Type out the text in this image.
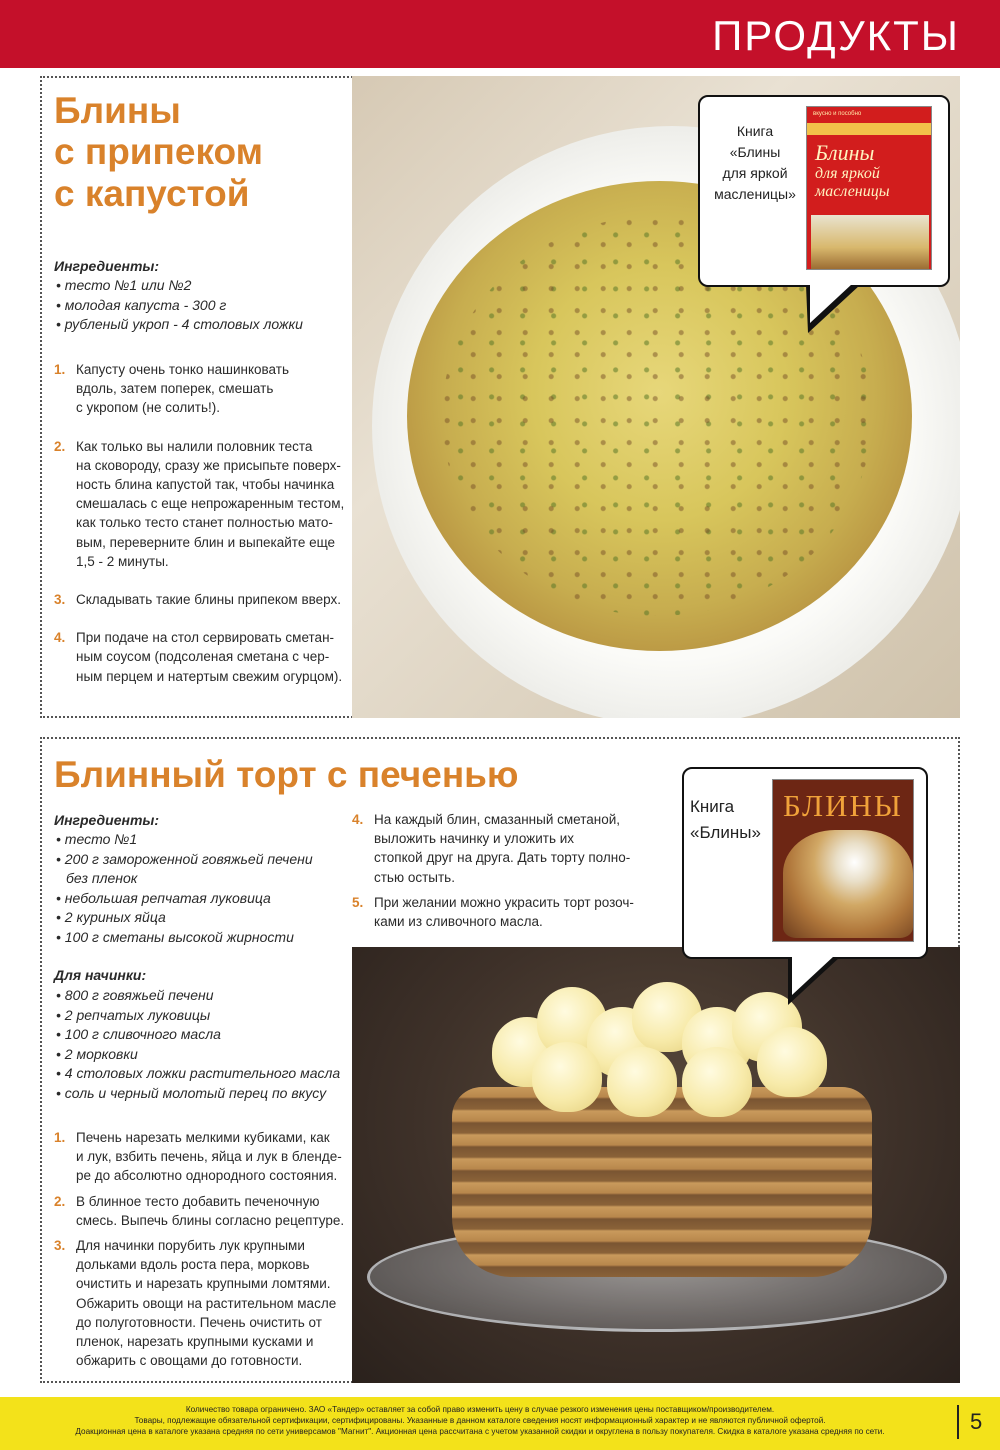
ПРОДУКТЫ
Блины
с припеком
с капустой
Ингредиенты:
• тесто №1 или №2
• молодая капуста - 300 г
• рубленый укроп - 4 столовых ложки
1. Капусту очень тонко нашинковать
вдоль, затем поперек, смешать
с укропом (не солить!).
2. Как только вы налили половник теста
на сковороду, сразу же присыпьте поверх-
ность блина капустой так, чтобы начинка
смешалась с еще непрожаренным тестом,
как только тесто станет полностью мато-
вым, переверните блин и выпекайте еще
1,5 - 2 минуты.
3. Складывать такие блины припеком вверх.
4. При подаче на стол сервировать сметан-
ным соусом (подсоленая сметана с чер-
ным перцем и натертым свежим огурцом).
Книга
«Блины
для яркой
масленицы»
вкусно и пособно
Блины
для яркой
масленицы
Блинный торт с печенью
Ингредиенты:
• тесто №1
• 200 г замороженной говяжьей печени без пленок
• небольшая репчатая луковица
• 2 куриных яйца
• 100 г сметаны высокой жирности
Для начинки:
• 800 г говяжьей печени
• 2 репчатых луковицы
• 100 г сливочного масла
• 2 морковки
• 4 столовых ложки растительного масла
• соль и черный молотый перец по вкусу
1. Печень нарезать мелкими кубиками, как
и лук, взбить печень, яйца и лук в бленде-
ре до абсолютно однородного состояния.
2. В блинное тесто добавить печеночную
смесь. Выпечь блины согласно рецептуре.
3. Для начинки порубить лук крупными
дольками вдоль роста пера, морковь
очистить и нарезать крупными ломтями.
Обжарить овощи на растительном масле
до полуготовности. Печень очистить от
пленок, нарезать крупными кусками и
обжарить с овощами до готовности.
4. На каждый блин, смазанный сметаной,
выложить начинку и уложить их
стопкой друг на друга. Дать торту полно-
стью остыть.
5. При желании можно украсить торт розоч-
ками из сливочного масла.
Книга
«Блины»
БЛИНЫ
Количество товара ограничено. ЗАО «Тандер» оставляет за собой право изменить цену в случае резкого изменения цены поставщиком/производителем.
Товары, подлежащие обязательной сертификации, сертифицированы. Указанные в данном каталоге сведения носят информационный характер и не являются публичной офертой.
Доакционная цена в каталоге указана средняя по сети универсамов "Магнит". Акционная цена рассчитана с учетом указанной скидки и округлена в пользу покупателя. Скидка в каталоге указана средняя по сети.	5
